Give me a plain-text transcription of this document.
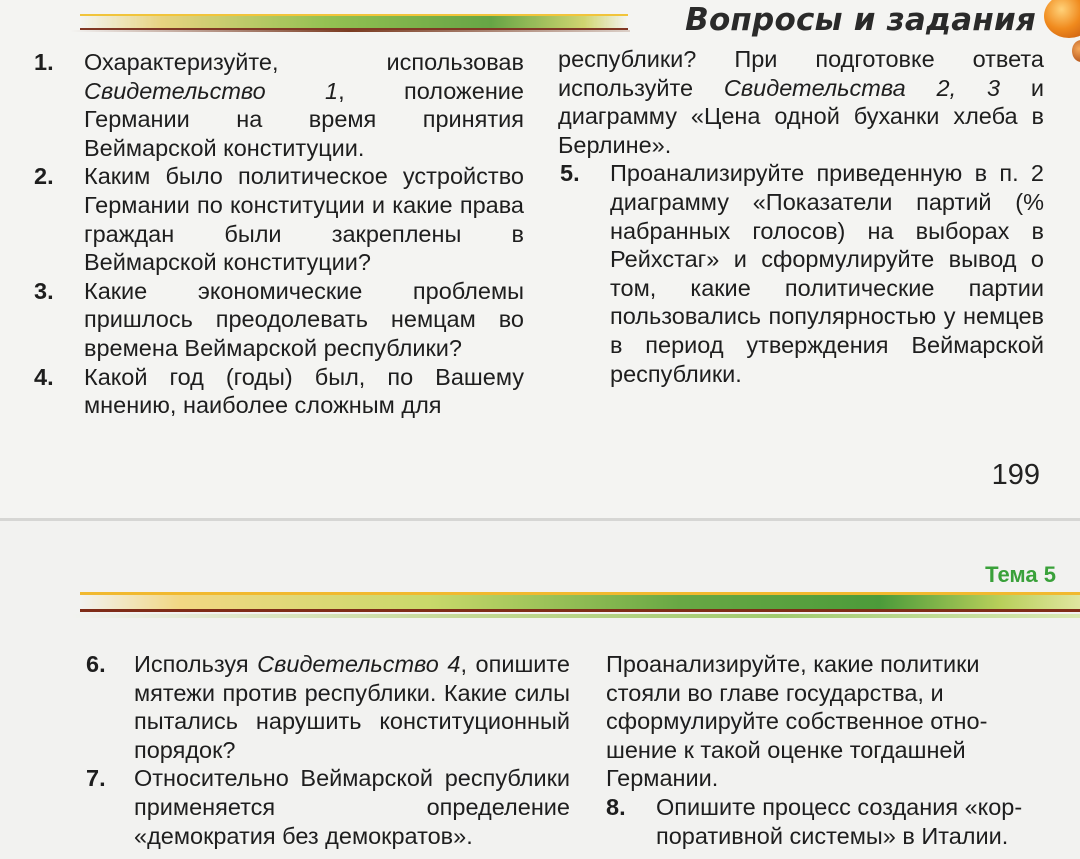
Вопросы и задания
1. Охарактеризуйте, использовав Свидетельство 1, положение Германии на время принятия Веймарской конституции.
2. Каким было политическое устройство Германии по конституции и какие права граждан были закреплены в Веймарской конституции?
3. Какие экономические проблемы пришлось преодолевать немцам во времена Веймарской республики?
4. Какой год (годы) был, по Вашему мнению, наиболее сложным для
республики? При подготовке ответа используйте Свидетельства 2, 3 и диаграмму «Цена одной буханки хлеба в Берлине».
5. Проанализируйте приведенную в п. 2 диаграмму «Показатели партий (% набранных голосов) на выборах в Рейхстаг» и сформулируйте вывод о том, какие политические партии пользовались популярностью у немцев в период утверждения Веймарской республики.
199
Тема 5
6. Используя Свидетельство 4, опишите мятежи против республики. Какие силы пытались нарушить конституционный порядок?
7. Относительно Веймарской республики применяется определение «демократия без демократов».
Проанализируйте, какие политики
стояли во главе государства, и
сформулируйте собственное отно-
шение к такой оценке тогдашней
Германии.
8. Опишите процесс создания «кор-
поративной системы» в Италии.
